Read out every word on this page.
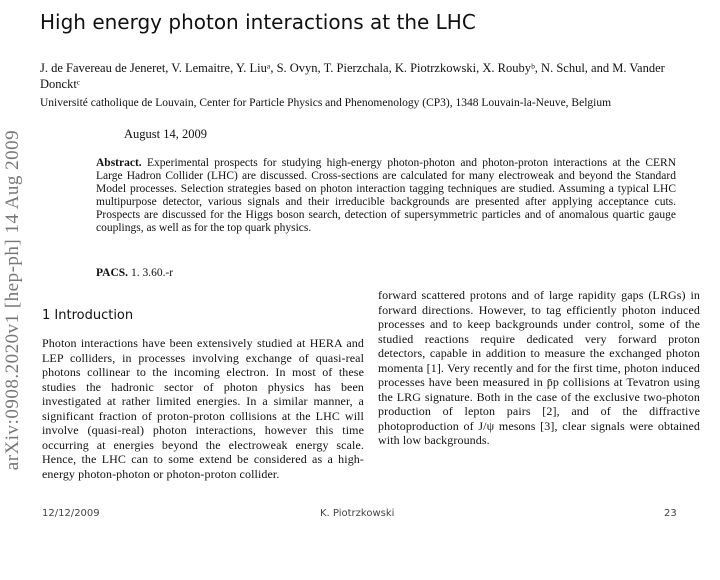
arXiv:0908.2020v1 [hep-ph] 14 Aug 2009
High energy photon interactions at the LHC
J. de Favereau de Jeneret, V. Lemaitre, Y. Liuᵃ, S. Ovyn, T. Pierzchala, K. Piotrzkowski, X. Roubyᵇ, N. Schul, and M. Vander Doncktᶜ
Université catholique de Louvain, Center for Particle Physics and Phenomenology (CP3), 1348 Louvain-la-Neuve, Belgium
August 14, 2009
Abstract. Experimental prospects for studying high-energy photon-photon and photon-proton interactions at the CERN Large Hadron Collider (LHC) are discussed. Cross-sections are calculated for many electroweak and beyond the Standard Model processes. Selection strategies based on photon interaction tagging techniques are studied. Assuming a typical LHC multipurpose detector, various signals and their irreducible backgrounds are presented after applying acceptance cuts. Prospects are discussed for the Higgs boson search, detection of supersymmetric particles and of anomalous quartic gauge couplings, as well as for the top quark physics.
PACS. 1. 3.60.-r
1 Introduction
Photon interactions have been extensively studied at HERA and LEP colliders, in processes involving exchange of quasi-real photons collinear to the incoming electron. In most of these studies the hadronic sector of photon physics has been investigated at rather limited energies. In a similar manner, a significant fraction of proton-proton collisions at the LHC will involve (quasi-real) photon interactions, however this time occurring at energies beyond the electroweak energy scale. Hence, the LHC can to some extend be considered as a high-energy photon-photon or photon-proton collider.
forward scattered protons and of large rapidity gaps (LRGs) in forward directions. However, to tag efficiently photon induced processes and to keep backgrounds under control, some of the studied reactions require dedicated very forward proton detectors, capable in addition to measure the exchanged photon momenta [1]. Very recently and for the first time, photon induced processes have been measured in p̄p collisions at Tevatron using the LRG signature. Both in the case of the exclusive two-photon production of lepton pairs [2], and of the diffractive photoproduction of J/ψ mesons [3], clear signals were obtained with low backgrounds.
12/12/2009	K. Piotrzkowski	23
